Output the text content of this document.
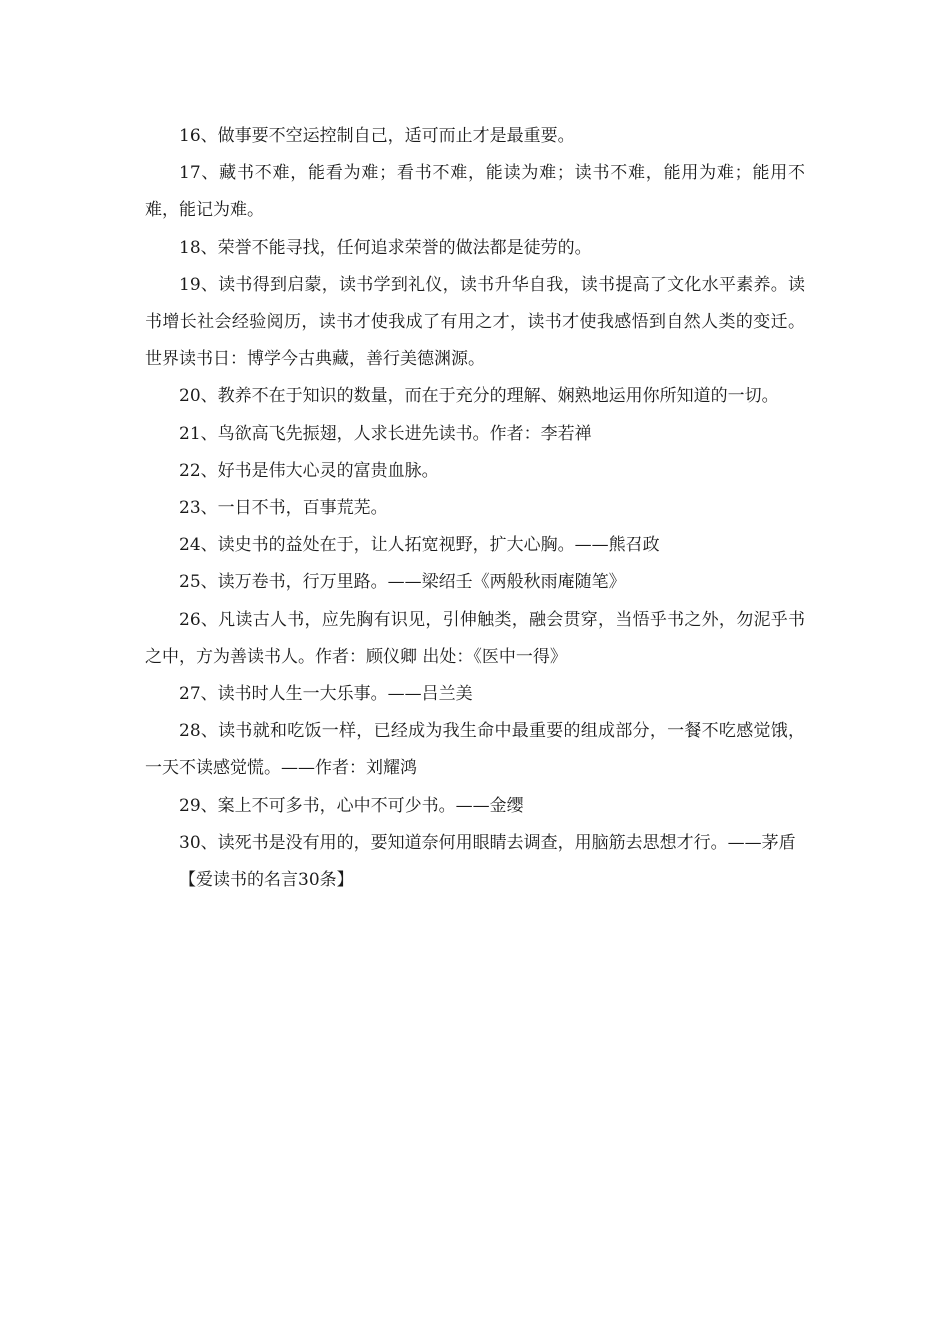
16、做事要不空运控制自己，适可而止才是最重要。

17、藏书不难，能看为难；看书不难，能读为难；读书不难，能用为难；能用不难，能记为难。

18、荣誉不能寻找，任何追求荣誉的做法都是徒劳的。

19、读书得到启蒙，读书学到礼仪，读书升华自我，读书提高了文化水平素养。读书增长社会经验阅历，读书才使我成了有用之才，读书才使我感悟到自然人类的变迁。世界读书日：博学今古典藏，善行美德渊源。

20、教养不在于知识的数量，而在于充分的理解、娴熟地运用你所知道的一切。

21、鸟欲高飞先振翅，人求长进先读书。作者：李若禅

22、好书是伟大心灵的富贵血脉。

23、一日不书，百事荒芜。

24、读史书的益处在于，让人拓宽视野，扩大心胸。——熊召政

25、读万卷书，行万里路。——梁绍壬《两般秋雨庵随笔》

26、凡读古人书，应先胸有识见，引伸触类，融会贯穿，当悟乎书之外，勿泥乎书之中，方为善读书人。作者：顾仪卿 出处：《医中一得》

27、读书时人生一大乐事。——吕兰美

28、读书就和吃饭一样，已经成为我生命中最重要的组成部分，一餐不吃感觉饿，一天不读感觉慌。——作者：刘耀鸿

29、案上不可多书，心中不可少书。——金缨

30、读死书是没有用的，要知道奈何用眼睛去调查，用脑筋去思想才行。——茅盾

【爱读书的名言30条】
